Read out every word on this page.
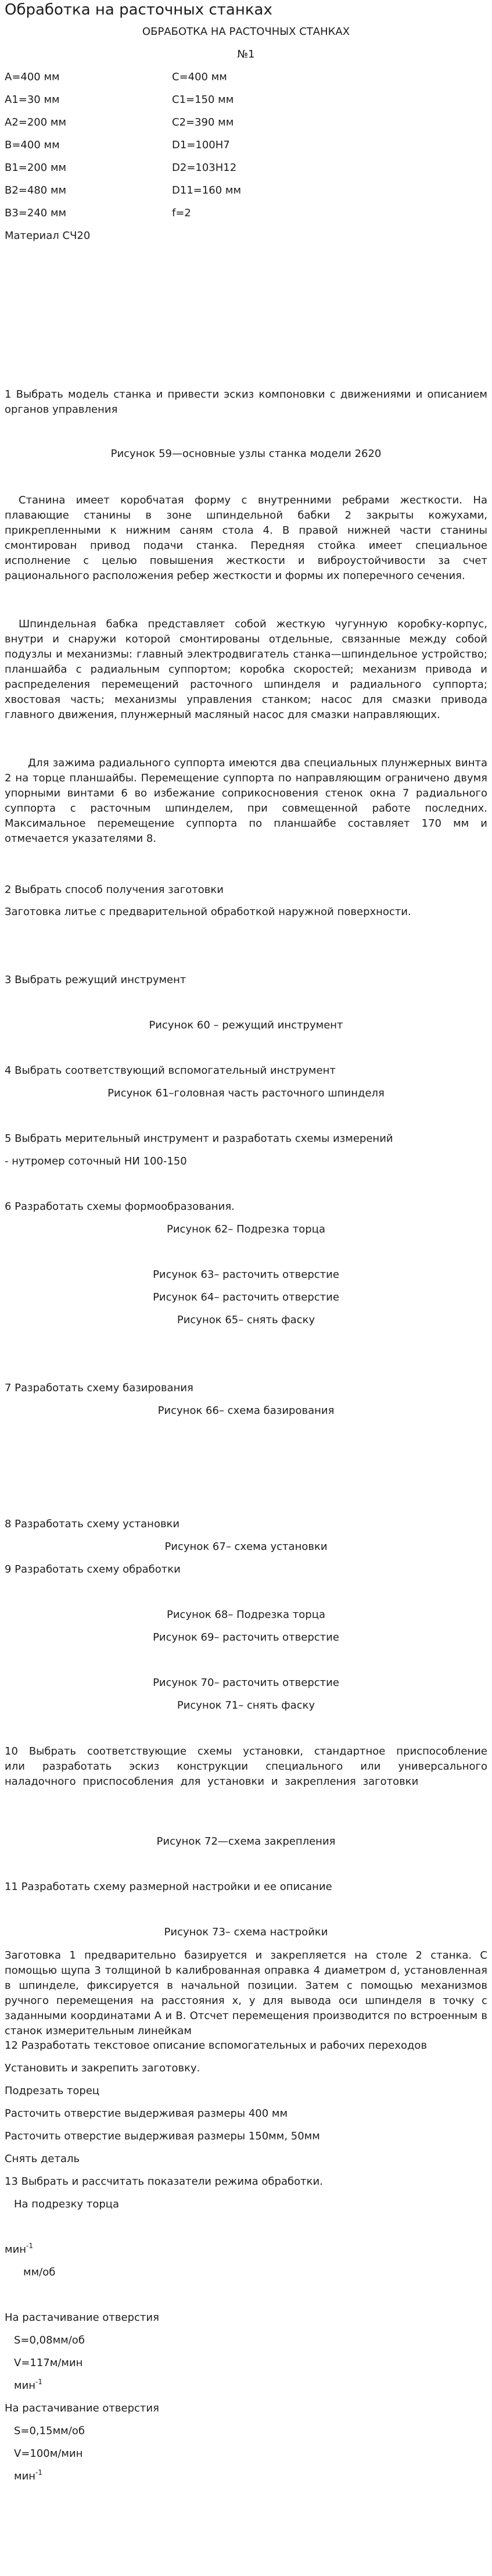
Обработка на расточных станках
ОБРАБОТКА НА РАСТОЧНЫХ СТАНКАХ
№1
А=400 мм	С=400 мм
А1=30 мм	С1=150 мм
А2=200 мм	С2=390 мм
В=400 мм	D1=100Н7
В1=200 мм	D2=103Н12
В2=480 мм	D11=160 мм
В3=240 мм	f=2
Материал СЧ20
1 Выбрать модель станка и привести эскиз компоновки с движениями и описанием органов управления
Рисунок 59—основные узлы станка модели 2620
Станина имеет коробчатая форму с внутренними ребрами жесткости. На плавающие станины в зоне шпиндельной бабки 2 закрыты кожухами, прикрепленными к нижним саням стола 4. В правой нижней части станины смонтирован привод подачи станка. Передняя стойка имеет специальное исполнение с целью повышения жесткости и виброустойчивости за счет рационального расположения ребер жесткости и формы их поперечного сечения.
Шпиндельная бабка представляет собой жесткую чугунную коробку-корпус, внутри и снаружи которой смонтированы отдельные, связанные между собой подузлы и механизмы: главный электродвигатель станка—шпиндельное устройство; планшайба с радиальным суппортом; коробка скоростей; механизм привода и распределения перемещений расточного шпинделя и радиального суппорта; хвостовая часть; механизмы управления станком; насос для смазки привода главного движения, плунжерный масляный насос для смазки направляющих.
Для зажима радиального суппорта имеются два специальных плунжерных винта 2 на торце планшайбы. Перемещение суппорта по направляющим ограничено двумя упорными винтами 6 во избежание соприкосновения стенок окна 7 радиального суппорта с расточным шпинделем, при совмещенной работе последних. Максимальное перемещение суппорта по планшайбе составляет 170 мм и отмечается указателями 8.
2 Выбрать способ получения заготовки
Заготовка литье с предварительной обработкой наружной поверхности.
3 Выбрать режущий инструмент
Рисунок 60 – режущий инструмент
4 Выбрать соответствующий вспомогательный инструмент
Рисунок 61–головная часть расточного шпинделя
5 Выбрать мерительный инструмент и разработать схемы измерений
- нутромер соточный НИ 100-150
6 Разработать схемы формообразования.
Рисунок 62– Подрезка торца
Рисунок 63– расточить отверстие
Рисунок 64– расточить отверстие
Рисунок 65– снять фаску
7 Разработать схему базирования
Рисунок 66– схема базирования
8 Разработать схему установки
Рисунок 67– схема установки
9 Разработать схему обработки
Рисунок 68– Подрезка торца
Рисунок 69– расточить отверстие
Рисунок 70– расточить отверстие
Рисунок 71– снять фаску
10 Выбрать соответствующие схемы установки, стандартное приспособление или разработать эскиз конструкции специального или универсального наладочного приспособления для установки и закрепления заготовки
Рисунок 72—схема закрепления
11 Разработать схему размерной настройки и ее описание
Рисунок 73– схема настройки
Заготовка 1 предварительно базируется и закрепляется на столе 2 станка. С помощью щупа 3 толщиной b калиброванная оправка 4 диаметром d, установленная в шпинделе, фиксируется в начальной позиции. Затем с помощью механизмов ручного перемещения на расстояния х, у для вывода оси шпинделя в точку с заданными координатами А и В. Отсчет перемещения производится по встроенным в станок измерительным линейкам
12 Разработать текстовое описание вспомогательных и рабочих переходов
Установить и закрепить заготовку.
Подрезать торец
Расточить отверстие выдерживая размеры 400 мм
Расточить отверстие выдерживая размеры 150мм, 50мм
Снять деталь
13 Выбрать и рассчитать показатели режима обработки.
На подрезку торца
мин$^{-1}$
мм/об
На растачивание отверстия
S=0,08мм/об
V=117м/мин
мин$^{-1}$
На растачивание отверстия
S=0,15мм/об
V=100м/мин
мин$^{-1}$
